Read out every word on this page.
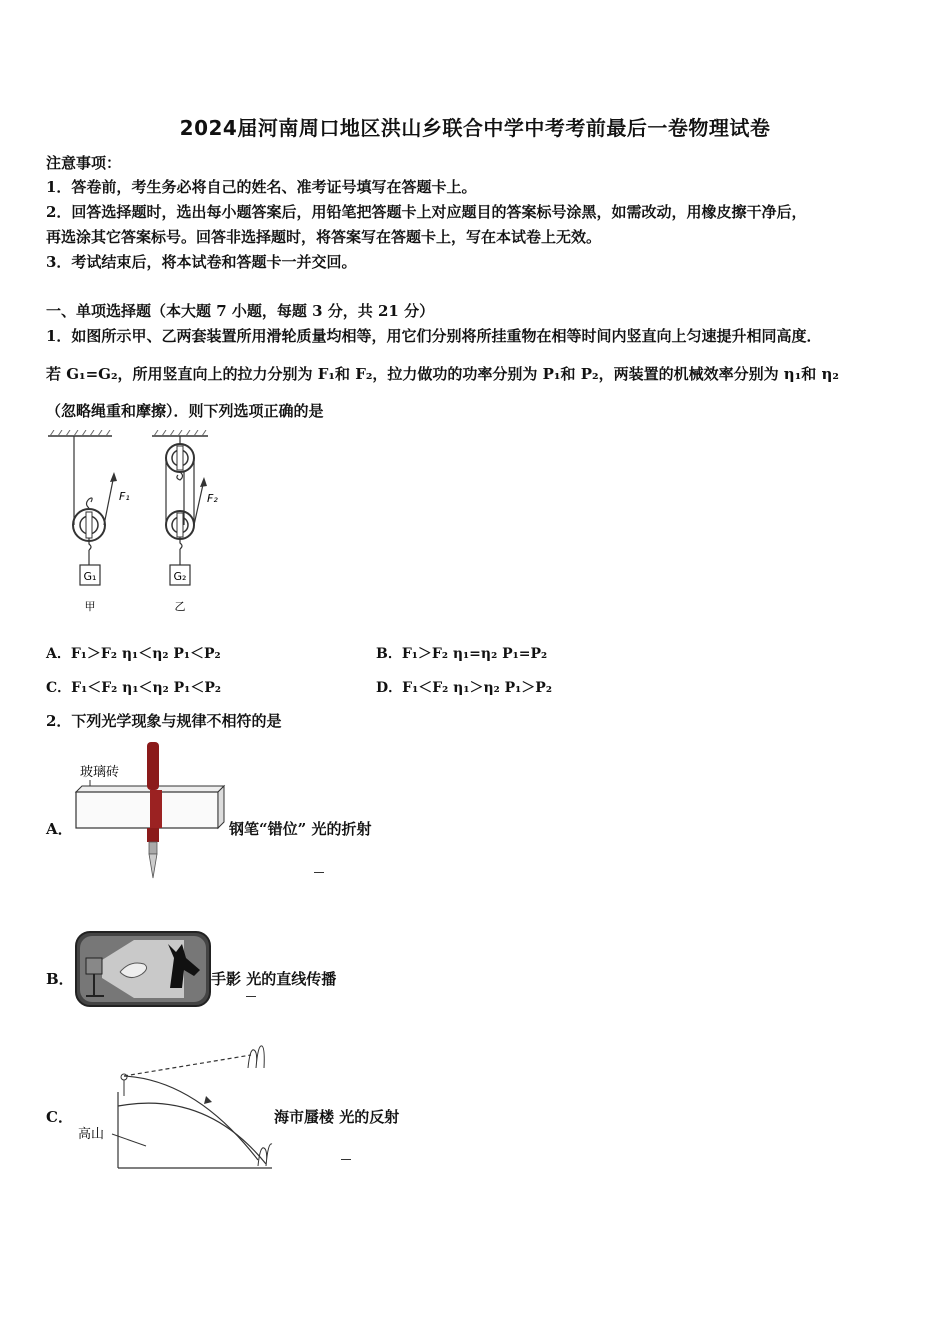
2024届河南周口地区洪山乡联合中学中考考前最后一卷物理试卷
注意事项：
1．答卷前，考生务必将自己的姓名、准考证号填写在答题卡上。
2．回答选择题时，选出每小题答案后，用铅笔把答题卡上对应题目的答案标号涂黑，如需改动，用橡皮擦干净后，
再选涂其它答案标号。回答非选择题时，将答案写在答题卡上，写在本试卷上无效。
3．考试结束后，将本试卷和答题卡一并交回。
一、单项选择题（本大题 7 小题，每题 3 分，共 21 分）
1．如图所示甲、乙两套装置所用滑轮质量均相等，用它们分别将所挂重物在相等时间内竖直向上匀速提升相同高度．
若 G₁=G₂，所用竖直向上的拉力分别为 F₁和 F₂，拉力做功的功率分别为 P₁和 P₂，两装置的机械效率分别为 η₁和 η₂
（忽略绳重和摩擦）．则下列选项正确的是
G₁
F₁
甲
G₂
F₂
乙
A．F₁＞F₂ η₁＜η₂ P₁＜P₂	B．F₁＞F₂ η₁=η₂ P₁=P₂
C．F₁＜F₂ η₁＜η₂ P₁＜P₂	D．F₁＜F₂ η₁＞η₂ P₁＞P₂
2．下列光学现象与规律不相符的是
A．
玻璃砖
钢笔“错位” 光的折射
B．	手影 光的直线传播
C．
高山
海市蜃楼 光的反射
